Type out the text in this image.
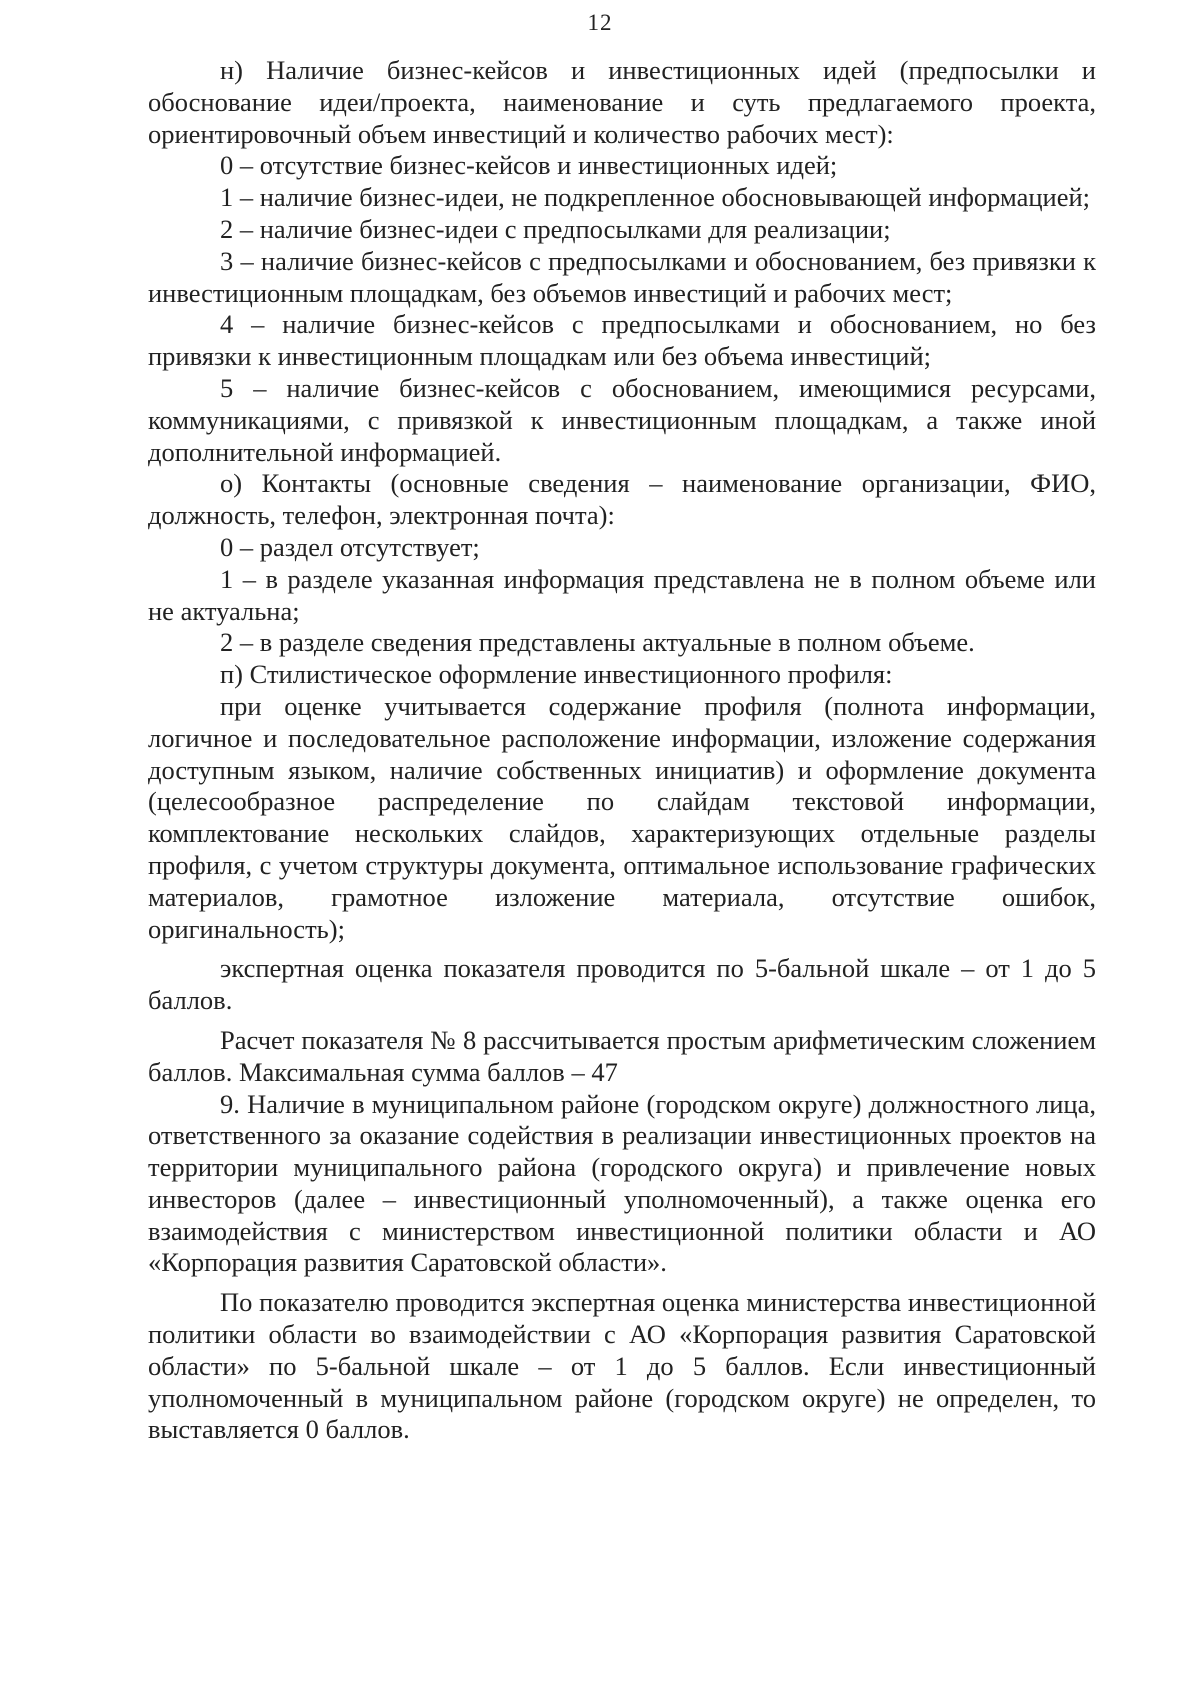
12

н) Наличие бизнес-кейсов и инвестиционных идей (предпосылки и обоснование идеи/проекта, наименование и суть предлагаемого проекта, ориентировочный объем инвестиций и количество рабочих мест):

0 – отсутствие бизнес-кейсов и инвестиционных идей;

1 – наличие бизнес-идеи, не подкрепленное обосновывающей информацией;

2 – наличие бизнес-идеи с предпосылками для реализации;

3 – наличие бизнес-кейсов с предпосылками и обоснованием, без привязки к инвестиционным площадкам, без объемов инвестиций и рабочих мест;

4 – наличие бизнес-кейсов с предпосылками и обоснованием, но без привязки к инвестиционным площадкам или без объема инвестиций;

5 – наличие бизнес-кейсов с обоснованием, имеющимися ресурсами, коммуникациями, с привязкой к инвестиционным площадкам, а также иной дополнительной информацией.

о) Контакты (основные сведения – наименование организации, ФИО, должность, телефон, электронная почта):

0 – раздел отсутствует;

1 – в разделе указанная информация представлена не в полном объеме или не актуальна;

2 – в разделе сведения представлены актуальные в полном объеме.

п) Стилистическое оформление инвестиционного профиля:

при оценке учитывается содержание профиля (полнота информации, логичное и последовательное расположение информации, изложение содержания доступным языком, наличие собственных инициатив) и оформление документа (целесообразное распределение по слайдам текстовой информации, комплектование нескольких слайдов, характеризующих отдельные разделы профиля, с учетом структуры документа, оптимальное использование графических материалов, грамотное изложение материала, отсутствие ошибок, оригинальность);

экспертная оценка показателя проводится по 5-бальной шкале – от 1 до 5 баллов.

Расчет показателя № 8 рассчитывается простым арифметическим сложением баллов. Максимальная сумма баллов – 47

9. Наличие в муниципальном районе (городском округе) должностного лица, ответственного за оказание содействия в реализации инвестиционных проектов на территории муниципального района (городского округа) и привлечение новых инвесторов (далее – инвестиционный уполномоченный), а также оценка его взаимодействия с министерством инвестиционной политики области и АО «Корпорация развития Саратовской области».

По показателю проводится экспертная оценка министерства инвестиционной политики области во взаимодействии с АО «Корпорация развития Саратовской области» по 5-бальной шкале – от 1 до 5 баллов. Если инвестиционный уполномоченный в муниципальном районе (городском округе) не определен, то выставляется 0 баллов.
